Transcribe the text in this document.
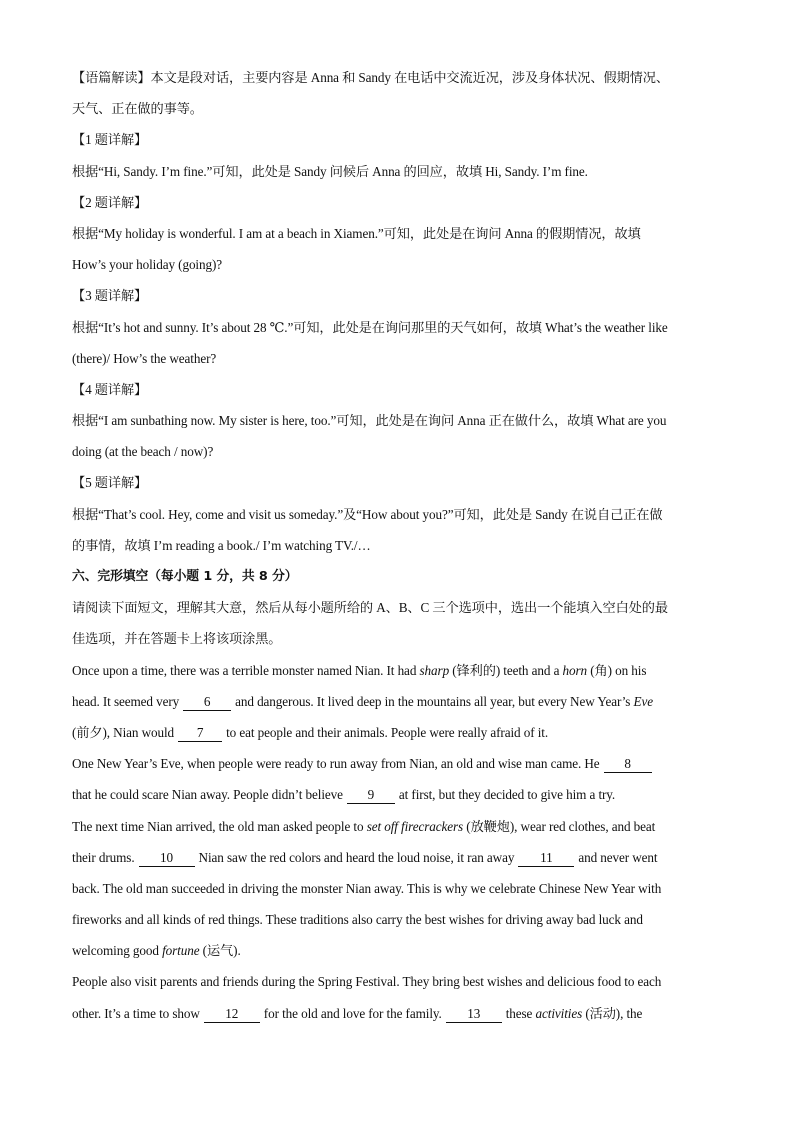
【语篇解读】本文是段对话，主要内容是 Anna 和 Sandy 在电话中交流近况，涉及身体状况、假期情况、
天气、正在做的事等。
【1 题详解】
根据“Hi, Sandy. I’m fine.”可知，此处是 Sandy 问候后 Anna 的回应，故填 Hi, Sandy. I’m fine.
【2 题详解】
根据“My holiday is wonderful. I am at a beach in Xiamen.”可知，此处是在询问 Anna 的假期情况，故填
How’s your holiday (going)?
【3 题详解】
根据“It’s hot and sunny. It’s about 28 ℃.”可知，此处是在询问那里的天气如何，故填 What’s the weather like
(there)/ How’s the weather?
【4 题详解】
根据“I am sunbathing now. My sister is here, too.”可知，此处是在询问 Anna 正在做什么，故填 What are you
doing (at the beach / now)?
【5 题详解】
根据“That’s cool. Hey, come and visit us someday.”及“How about you?”可知，此处是 Sandy 在说自己正在做
的事情，故填 I’m reading a book./ I’m watching TV./…
六、完形填空（每小题 1 分，共 8 分）
请阅读下面短文，理解其大意，然后从每小题所给的 A、B、C 三个选项中，选出一个能填入空白处的最
佳选项，并在答题卡上将该项涂黑。
Once upon a time, there was a terrible monster named Nian. It had sharp (锋利的) teeth and a horn (角) on his
head. It seemed very 6 and dangerous. It lived deep in the mountains all year, but every New Year’s Eve
(前夕), Nian would 7 to eat people and their animals. People were really afraid of it.
One New Year’s Eve, when people were ready to run away from Nian, an old and wise man came. He 8
that he could scare Nian away. People didn’t believe 9 at first, but they decided to give him a try.
The next time Nian arrived, the old man asked people to set off firecrackers (放鞭炮), wear red clothes, and beat
their drums. 10 Nian saw the red colors and heard the loud noise, it ran away 11 and never went
back. The old man succeeded in driving the monster Nian away. This is why we celebrate Chinese New Year with
fireworks and all kinds of red things. These traditions also carry the best wishes for driving away bad luck and
welcoming good fortune (运气).
People also visit parents and friends during the Spring Festival. They bring best wishes and delicious food to each
other. It’s a time to show 12 for the old and love for the family. 13 these activities (活动), the
